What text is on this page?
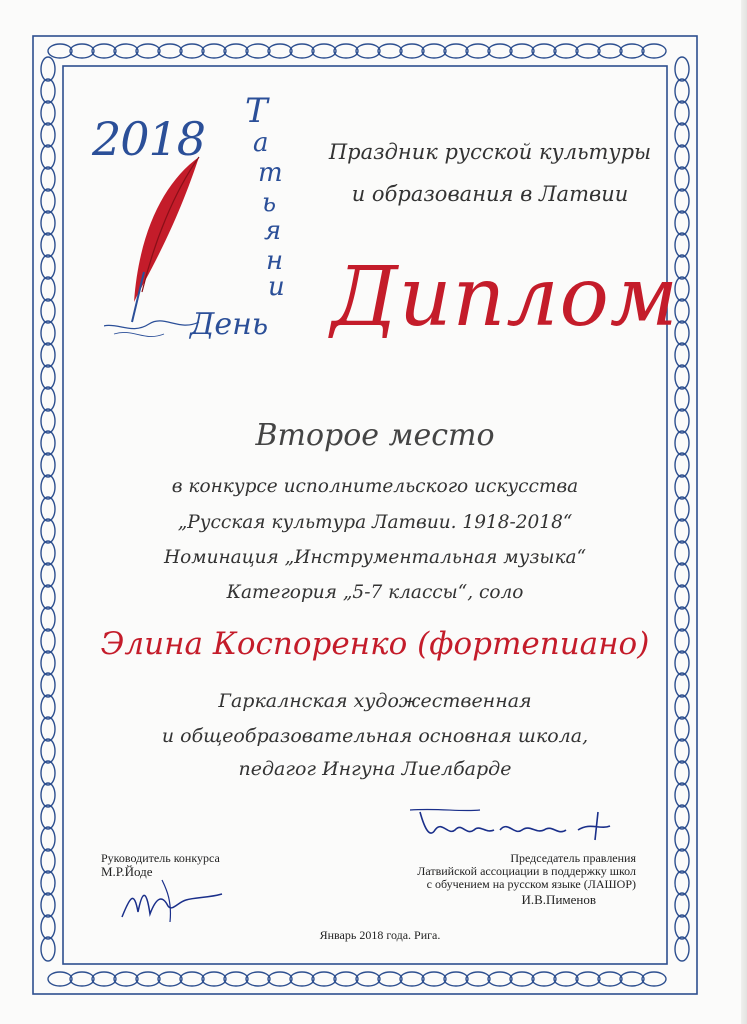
2018
Т
а
т
ь
я
н
и
День
Праздник русской культуры
и образования в Латвии
Диплом
Второе место
в конкурсе исполнительского искусства
„Русская культура Латвии. 1918-2018“
Номинация „Инструментальная музыка“
Категория „5-7 классы“, соло
Элина Коспоренко (фортепиано)
Гаркалнская художественная
и общеобразовательная основная школа,
педагог Ингуна Лиелбарде
Руководитель конкурса
М.Р.Йоде
Председатель правления
Латвийской ассоциации в поддержку школ
с обучением на русском языке (ЛАШОР)
И.В.Пименов
Январь 2018 года. Рига.
